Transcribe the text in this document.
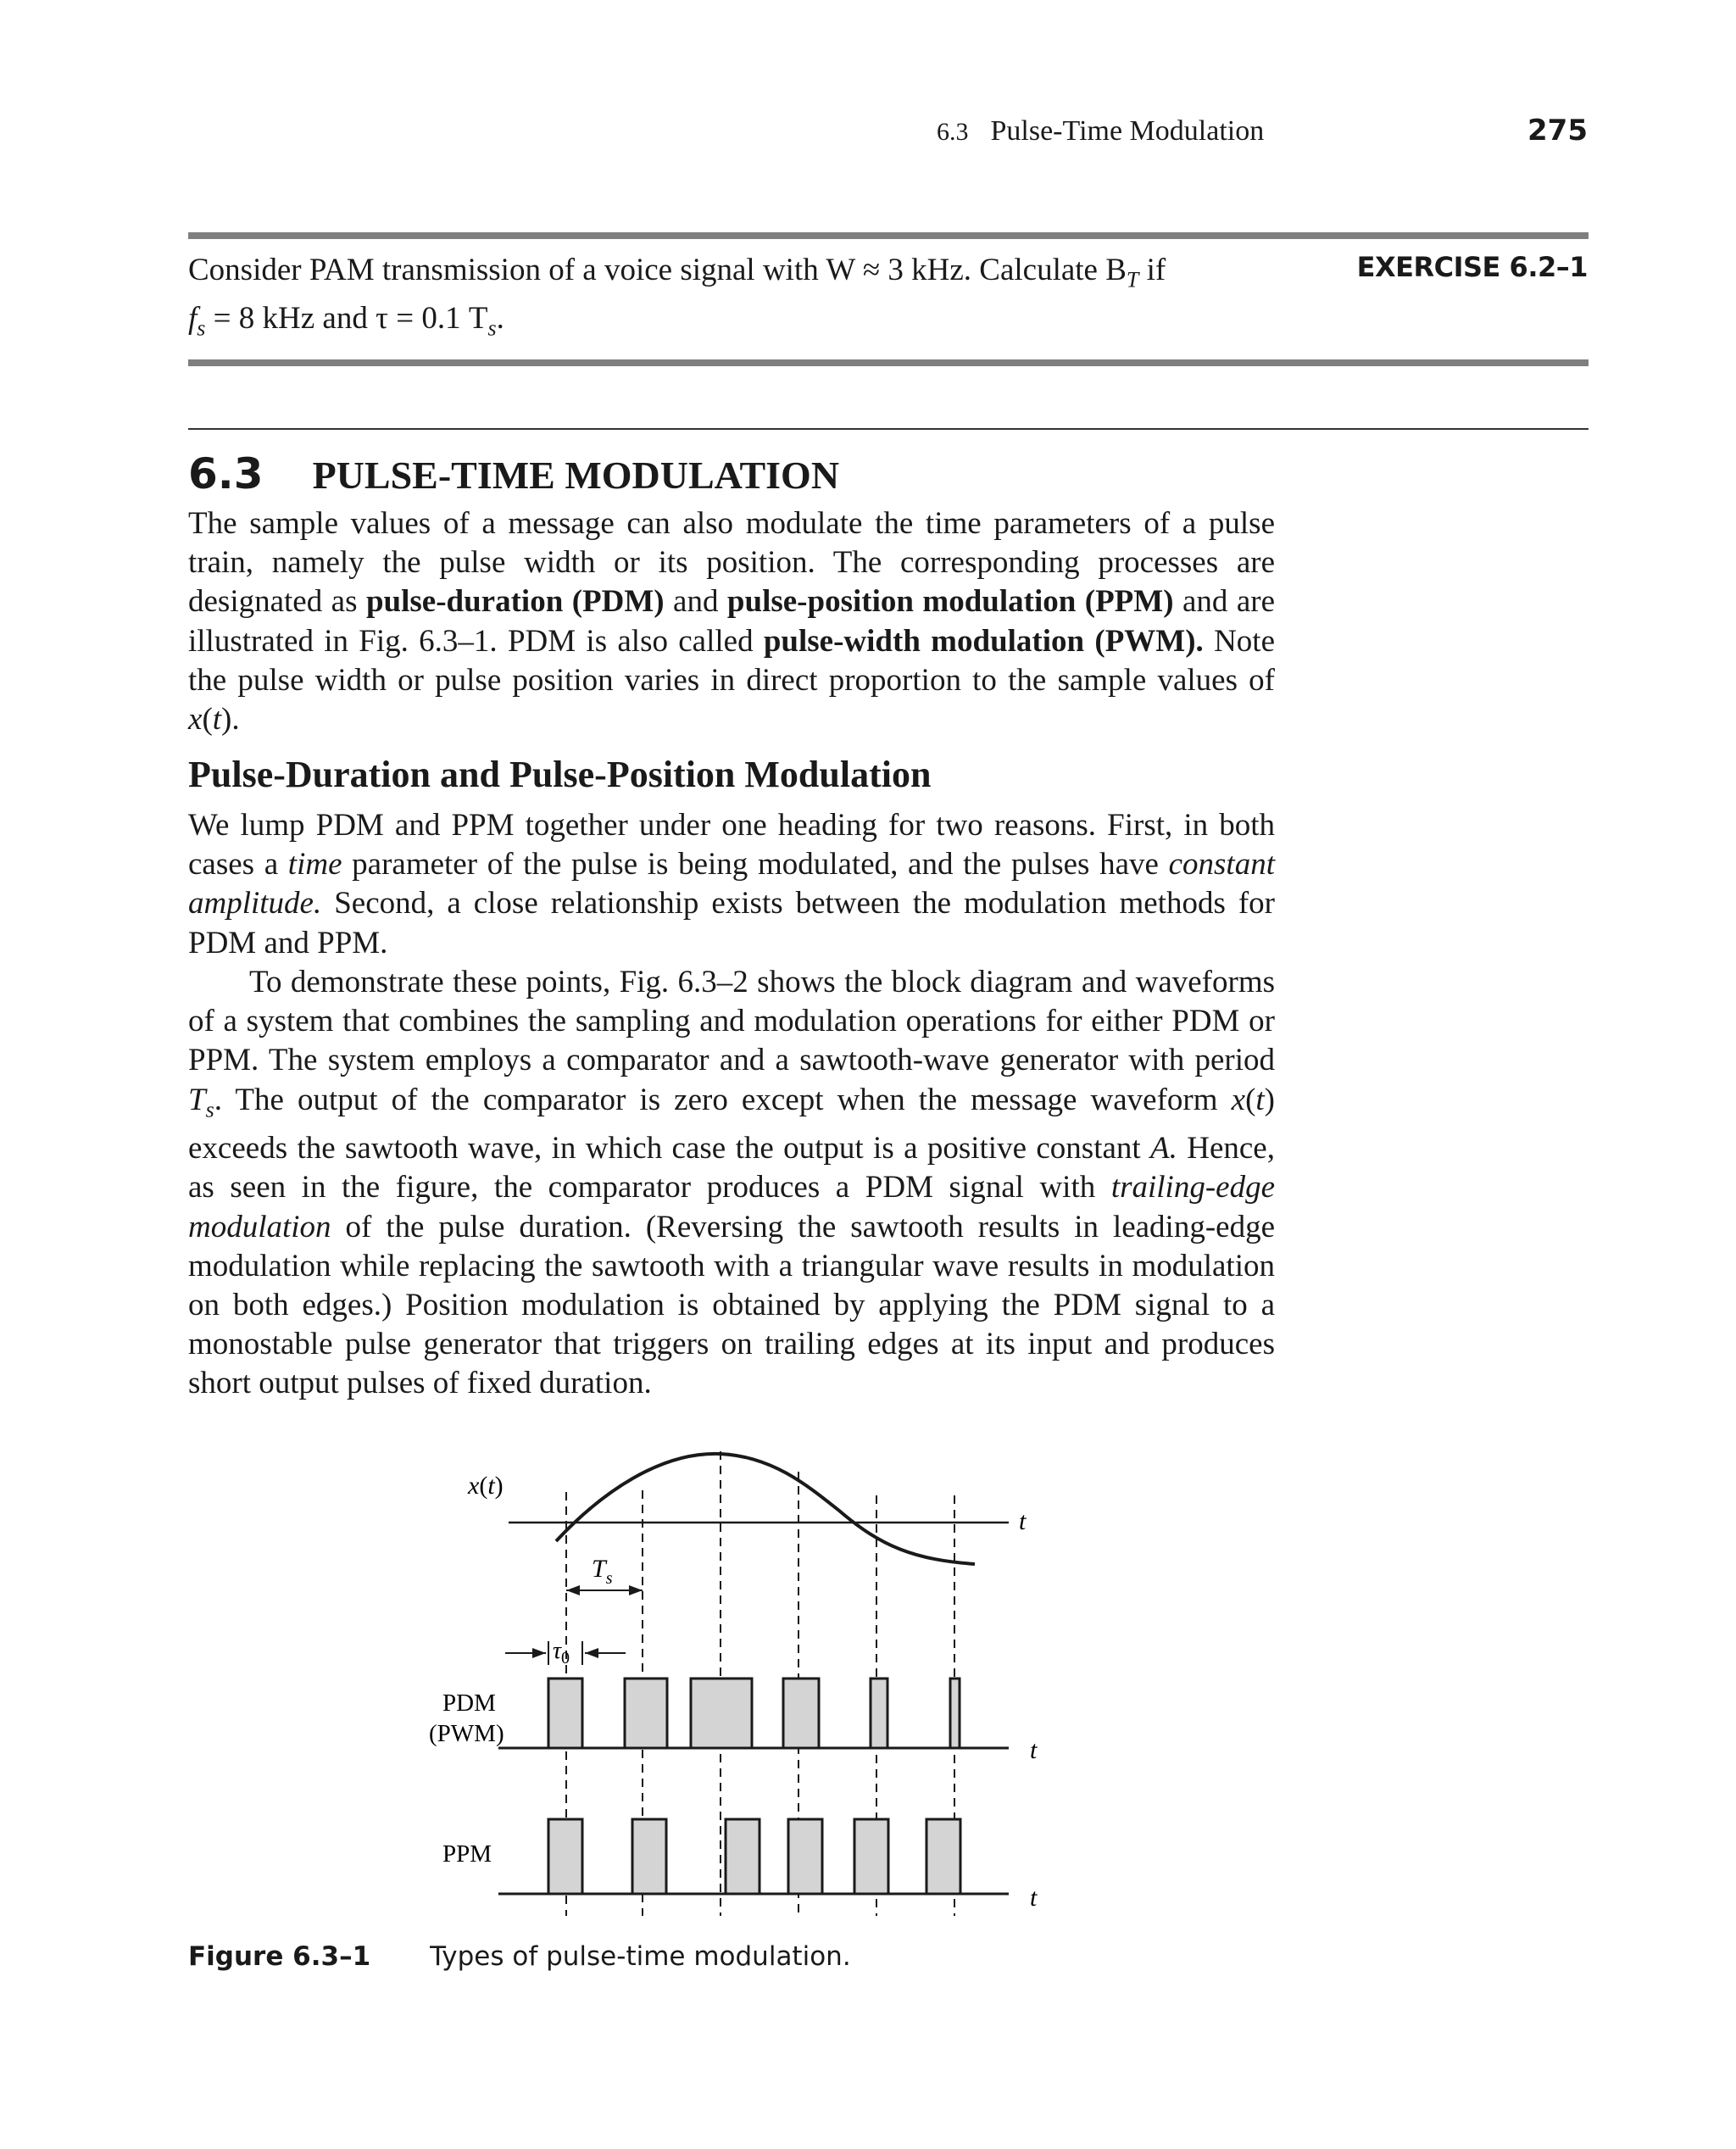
6.3 Pulse-Time Modulation	275
Consider PAM transmission of a voice signal with W ≈ 3 kHz. Calculate $B_T$ if
$f_s = 8$ kHz and τ = 0.1 $T_s$.
EXERCISE 6.2–1
6.3 PULSE-TIME MODULATION

The sample values of a message can also modulate the time parameters of a pulse train, namely the pulse width or its position. The corresponding processes are designated as pulse-duration (PDM) and pulse-position modulation (PPM) and are illustrated in Fig. 6.3–1. PDM is also called pulse-width modulation (PWM). Note the pulse width or pulse position varies in direct proportion to the sample values of x(t).

Pulse-Duration and Pulse-Position Modulation

We lump PDM and PPM together under one heading for two reasons. First, in both cases a time parameter of the pulse is being modulated, and the pulses have constant amplitude. Second, a close relationship exists between the modulation methods for PDM and PPM.

To demonstrate these points, Fig. 6.3–2 shows the block diagram and waveforms of a system that combines the sampling and modulation operations for either PDM or PPM. The system employs a comparator and a sawtooth-wave generator with period $T_s$. The output of the comparator is zero except when the message waveform x(t) exceeds the sawtooth wave, in which case the output is a positive constant A. Hence, as seen in the figure, the comparator produces a PDM signal with trailing-edge modulation of the pulse duration. (Reversing the sawtooth results in leading-edge modulation while replacing the sawtooth with a triangular wave results in modulation on both edges.) Position modulation is obtained by applying the PDM signal to a monostable pulse generator that triggers on trailing edges at its input and produces short output pulses of fixed duration.

x(t)
t
$T_s$
$\tau_0$
PDM
(PWM)
t
PPM
t
Figure 6.3–1 Types of pulse-time modulation.
